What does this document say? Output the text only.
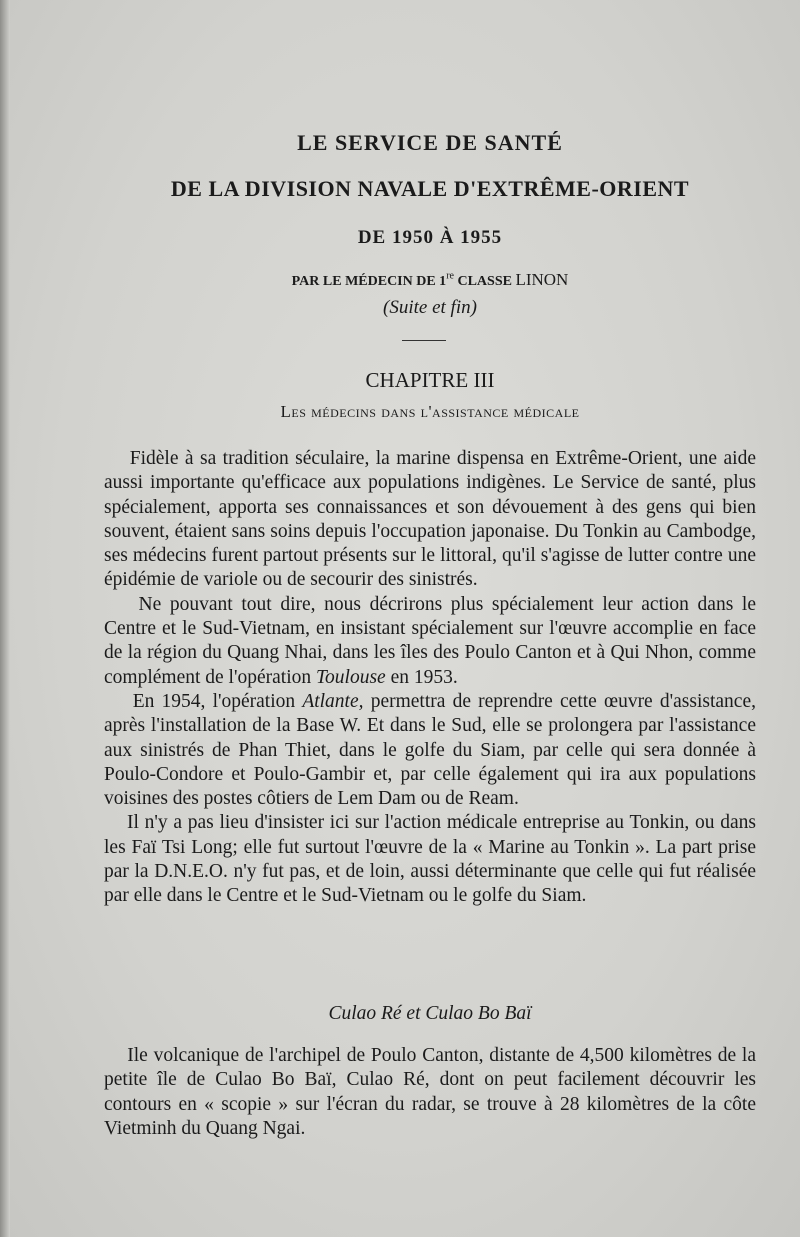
LE SERVICE DE SANTÉ
DE LA DIVISION NAVALE D'EXTRÊME-ORIENT
DE 1950 À 1955
PAR LE MÉDECIN DE 1re CLASSE LINON
(Suite et fin)
CHAPITRE III
Les médecins dans l'assistance médicale

Fidèle à sa tradition séculaire, la marine dispensa en Extrême-Orient, une aide aussi importante qu'efficace aux populations indigènes. Le Service de santé, plus spécialement, apporta ses connaissances et son dévouement à des gens qui bien souvent, étaient sans soins depuis l'occupation japonaise. Du Tonkin au Cambodge, ses médecins furent partout présents sur le littoral, qu'il s'agisse de lutter contre une épidémie de variole ou de secourir des sinistrés.

Ne pouvant tout dire, nous décrirons plus spécialement leur action dans le Centre et le Sud-Vietnam, en insistant spécialement sur l'œuvre accomplie en face de la région du Quang Nhai, dans les îles des Poulo Canton et à Qui Nhon, comme complément de l'opération Toulouse en 1953.

En 1954, l'opération Atlante, permettra de reprendre cette œuvre d'assistance, après l'installation de la Base W. Et dans le Sud, elle se prolongera par l'assistance aux sinistrés de Phan Thiet, dans le golfe du Siam, par celle qui sera donnée à Poulo-Condore et Poulo-Gambir et, par celle également qui ira aux populations voisines des postes côtiers de Lem Dam ou de Ream.

Il n'y a pas lieu d'insister ici sur l'action médicale entreprise au Tonkin, ou dans les Faï Tsi Long; elle fut surtout l'œuvre de la « Marine au Tonkin ». La part prise par la D.N.E.O. n'y fut pas, et de loin, aussi déterminante que celle qui fut réalisée par elle dans le Centre et le Sud-Vietnam ou le golfe du Siam.

Culao Ré et Culao Bo Baï

Ile volcanique de l'archipel de Poulo Canton, distante de 4,500 kilomètres de la petite île de Culao Bo Baï, Culao Ré, dont on peut facilement découvrir les contours en « scopie » sur l'écran du radar, se trouve à 28 kilomètres de la côte Vietminh du Quang Ngai.
